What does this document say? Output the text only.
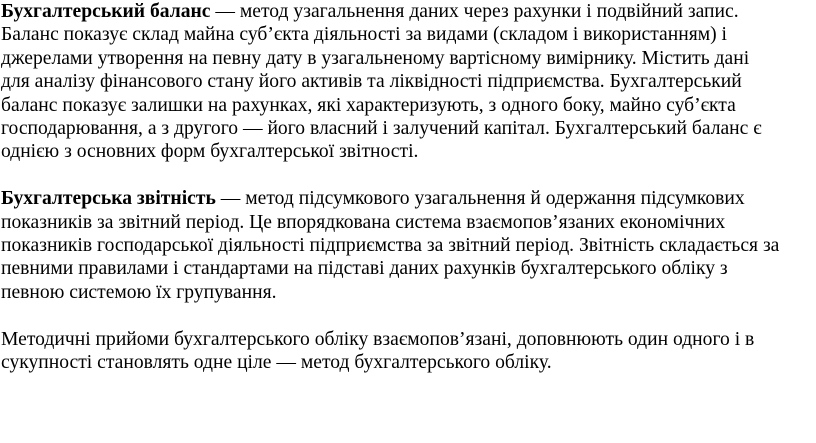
Бухгалтерський баланс — метод узагальнення даних через рахунки і подвійний запис.
Баланс показує склад майна суб’єкта діяльності за видами (складом і використанням) і
джерелами утворення на певну дату в узагальненому вартісному вимірнику. Містить дані
для аналізу фінансового стану його активів та ліквідності підприємства. Бухгалтерський
баланс показує залишки на рахунках, які характеризують, з одного боку, майно суб’єкта
господарювання, а з другого — його власний і залучений капітал. Бухгалтерський баланс є
однією з основних форм бухгалтерської звітності.

Бухгалтерська звітність — метод підсумкового узагальнення й одержання підсумкових
показників за звітний період. Це впорядкована система взаємопов’язаних економічних
показників господарської діяльності підприємства за звітний період. Звітність складається за
певними правилами і стандартами на підставі даних рахунків бухгалтерського обліку з
певною системою їх групування.

Методичні прийоми бухгалтерського обліку взаємопов’язані, доповнюють один одного і в
сукупності становлять одне ціле — метод бухгалтерського обліку.
